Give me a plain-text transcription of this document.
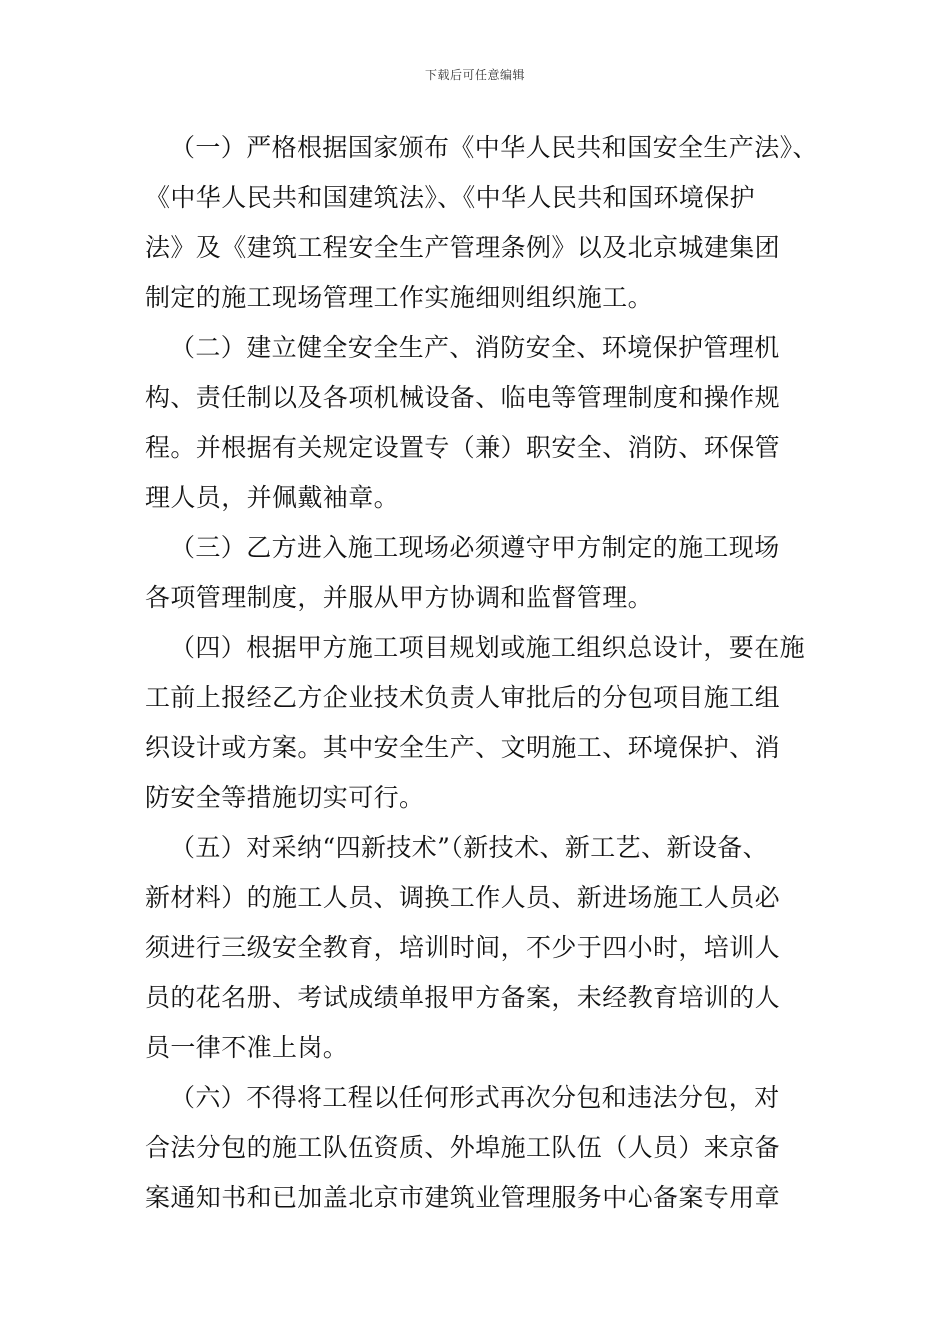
下载后可任意编辑
（一）严格根据国家颁布《中华人民共和国安全生产法》、
《中华人民共和国建筑法》、《中华人民共和国环境保护
法》及《建筑工程安全生产管理条例》以及北京城建集团
制定的施工现场管理工作实施细则组织施工。
（二）建立健全安全生产、消防安全、环境保护管理机
构、责任制以及各项机械设备、临电等管理制度和操作规
程。并根据有关规定设置专（兼）职安全、消防、环保管
理人员，并佩戴袖章。
（三）乙方进入施工现场必须遵守甲方制定的施工现场
各项管理制度，并服从甲方协调和监督管理。
（四）根据甲方施工项目规划或施工组织总设计，要在施
工前上报经乙方企业技术负责人审批后的分包项目施工组
织设计或方案。其中安全生产、文明施工、环境保护、消
防安全等措施切实可行。
（五）对采纳“四新技术”（新技术、新工艺、新设备、
新材料）的施工人员、调换工作人员、新进场施工人员必
须进行三级安全教育，培训时间，不少于四小时，培训人
员的花名册、考试成绩单报甲方备案，未经教育培训的人
员一律不准上岗。
（六）不得将工程以任何形式再次分包和违法分包，对
合法分包的施工队伍资质、外埠施工队伍（人员）来京备
案通知书和已加盖北京市建筑业管理服务中心备案专用章
